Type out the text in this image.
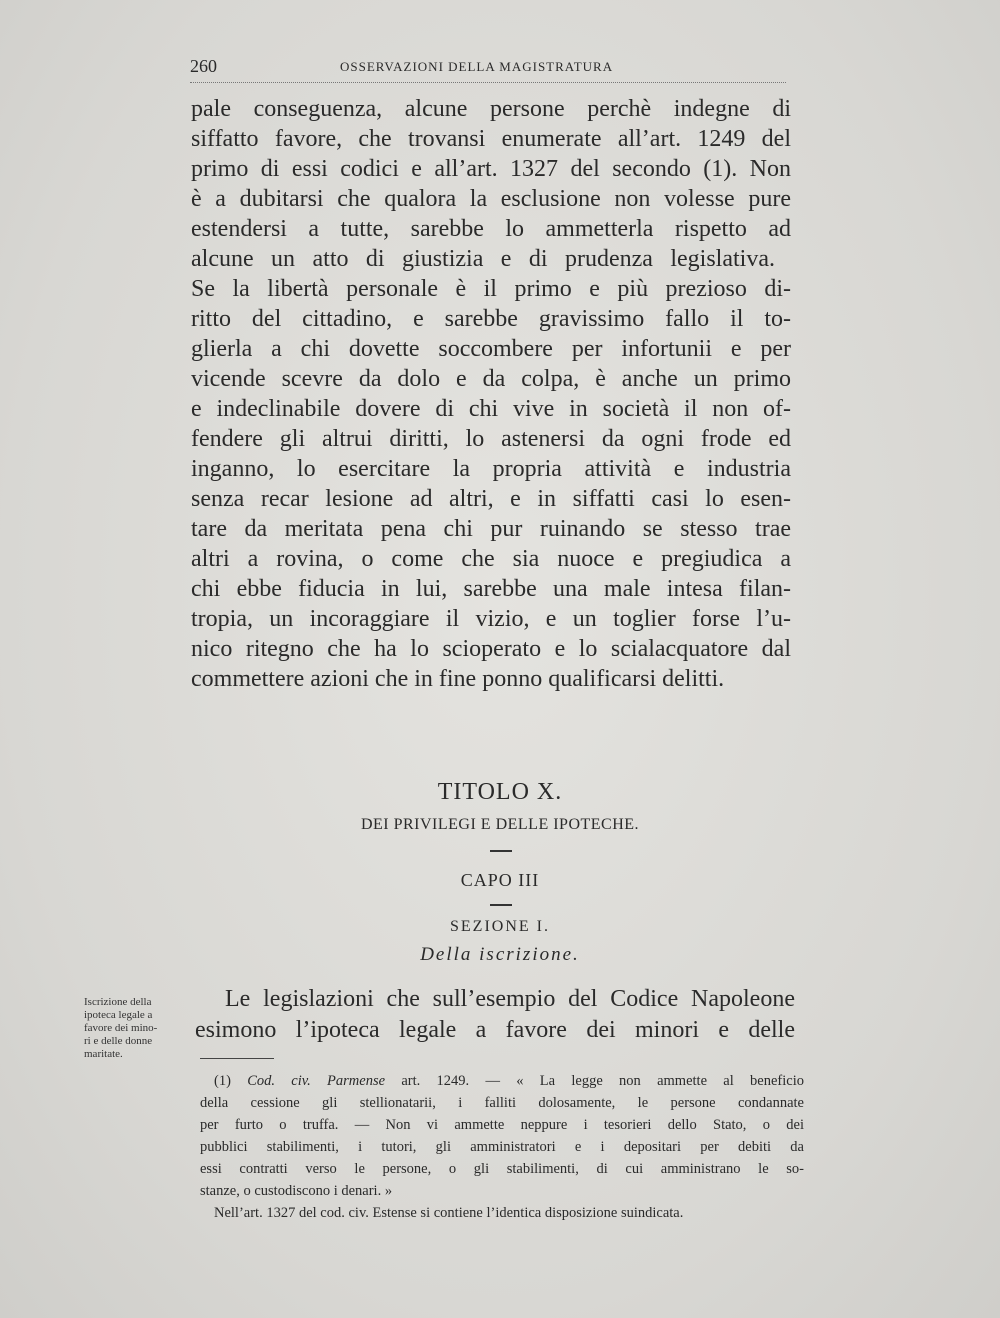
260	OSSERVAZIONI DELLA MAGISTRATURA
pale conseguenza, alcune persone perchè indegne di
siffatto favore, che trovansi enumerate all’art. 1249 del
primo di essi codici e all’art. 1327 del secondo (1). Non
è a dubitarsi che qualora la esclusione non volesse pure
estendersi a tutte, sarebbe lo ammetterla rispetto ad
alcune un atto di giustizia e di prudenza legislativa.
Se la libertà personale è il primo e più prezioso di-
ritto del cittadino, e sarebbe gravissimo fallo il to-
glierla a chi dovette soccombere per infortunii e per
vicende scevre da dolo e da colpa, è anche un primo
e indeclinabile dovere di chi vive in società il non of-
fendere gli altrui diritti, lo astenersi da ogni frode ed
inganno, lo esercitare la propria attività e industria
senza recar lesione ad altri, e in siffatti casi lo esen-
tare da meritata pena chi pur ruinando se stesso trae
altri a rovina, o come che sia nuoce e pregiudica a
chi ebbe fiducia in lui, sarebbe una male intesa filan-
tropia, un incoraggiare il vizio, e un toglier forse l’u-
nico ritegno che ha lo scioperato e lo scialacquatore dal
commettere azioni che in fine ponno qualificarsi delitti.
TITOLO X.
DEI PRIVILEGI E DELLE IPOTECHE.
CAPO III
SEZIONE I.
Della iscrizione.
Iscrizione della
ipoteca legale a
favore dei mino-
ri e delle donne
maritate.
Le legislazioni che sull’esempio del Codice Napoleone
esimono l’ipoteca legale a favore dei minori e delle
(1) Cod. civ. Parmense art. 1249. — « La legge non ammette al beneficio
della cessione gli stellionatarii, i falliti dolosamente, le persone condannate
per furto o truffa. — Non vi ammette neppure i tesorieri dello Stato, o dei
pubblici stabilimenti, i tutori, gli amministratori e i depositari per debiti da
essi contratti verso le persone, o gli stabilimenti, di cui amministrano le so-
stanze, o custodiscono i denari. »
Nell’art. 1327 del cod. civ. Estense si contiene l’identica disposizione suindicata.
